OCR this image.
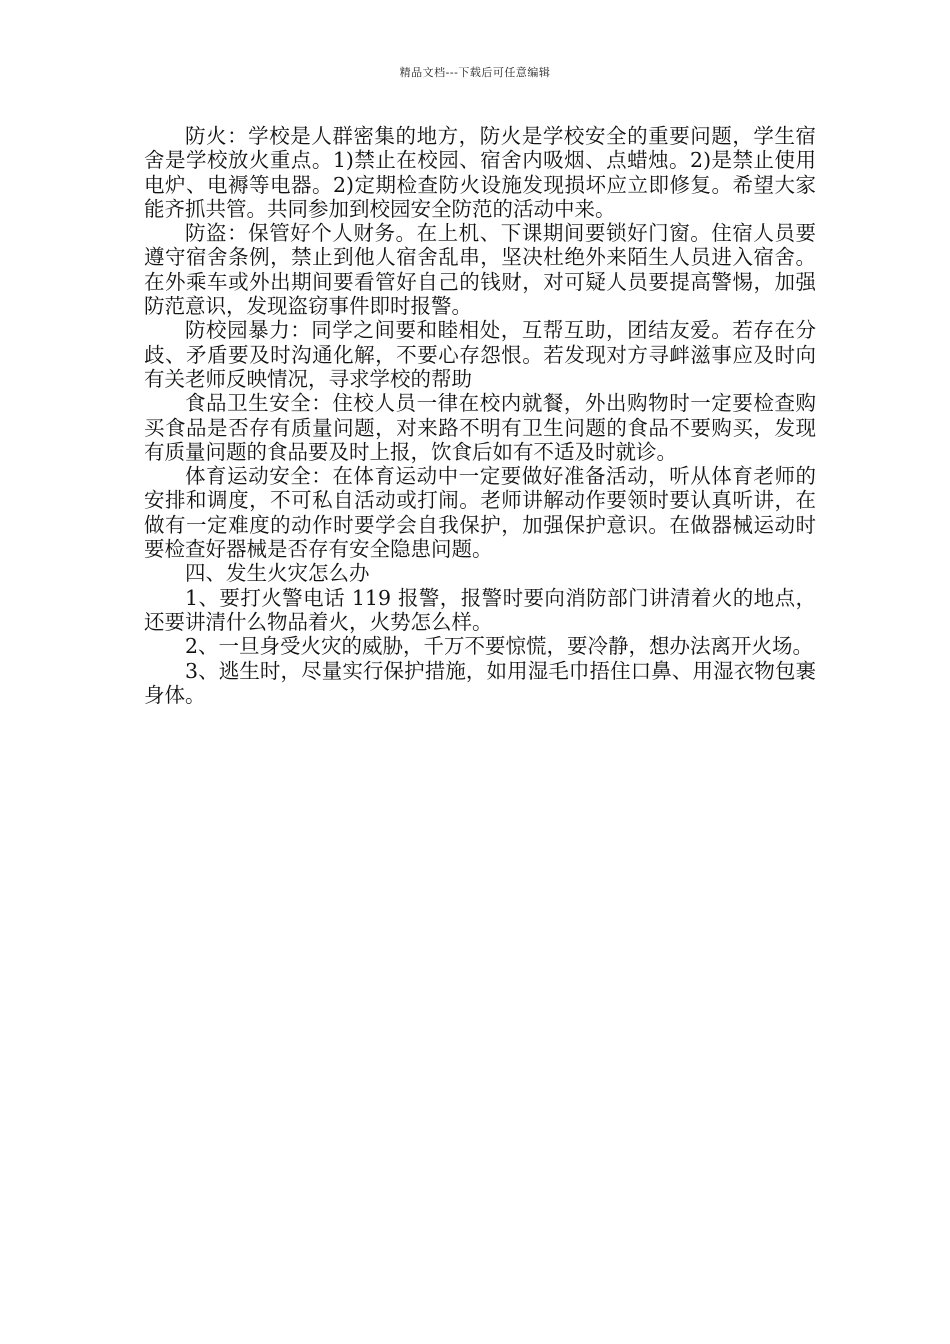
精品文档---下载后可任意编辑

防火：学校是人群密集的地方，防火是学校安全的重要问题，学生宿舍是学校放火重点。1)禁止在校园、宿舍内吸烟、点蜡烛。2)是禁止使用电炉、电褥等电器。2)定期检查防火设施发现损坏应立即修复。希望大家能齐抓共管。共同参加到校园安全防范的活动中来。

防盗：保管好个人财务。在上机、下课期间要锁好门窗。住宿人员要遵守宿舍条例，禁止到他人宿舍乱串，坚决杜绝外来陌生人员进入宿舍。在外乘车或外出期间要看管好自己的钱财，对可疑人员要提高警惕，加强防范意识，发现盗窃事件即时报警。

防校园暴力：同学之间要和睦相处，互帮互助，团结友爱。若存在分歧、矛盾要及时沟通化解，不要心存怨恨。若发现对方寻衅滋事应及时向有关老师反映情况，寻求学校的帮助

食品卫生安全：住校人员一律在校内就餐，外出购物时一定要检查购买食品是否存有质量问题，对来路不明有卫生问题的食品不要购买，发现有质量问题的食品要及时上报，饮食后如有不适及时就诊。

体育运动安全：在体育运动中一定要做好准备活动，听从体育老师的安排和调度，不可私自活动或打闹。老师讲解动作要领时要认真听讲，在做有一定难度的动作时要学会自我保护，加强保护意识。在做器械运动时要检查好器械是否存有安全隐患问题。

四、发生火灾怎么办

1、要打火警电话 119 报警，报警时要向消防部门讲清着火的地点，还要讲清什么物品着火，火势怎么样。

2、一旦身受火灾的威胁，千万不要惊慌，要冷静，想办法离开火场。

3、逃生时，尽量实行保护措施，如用湿毛巾捂住口鼻、用湿衣物包裹身体。
